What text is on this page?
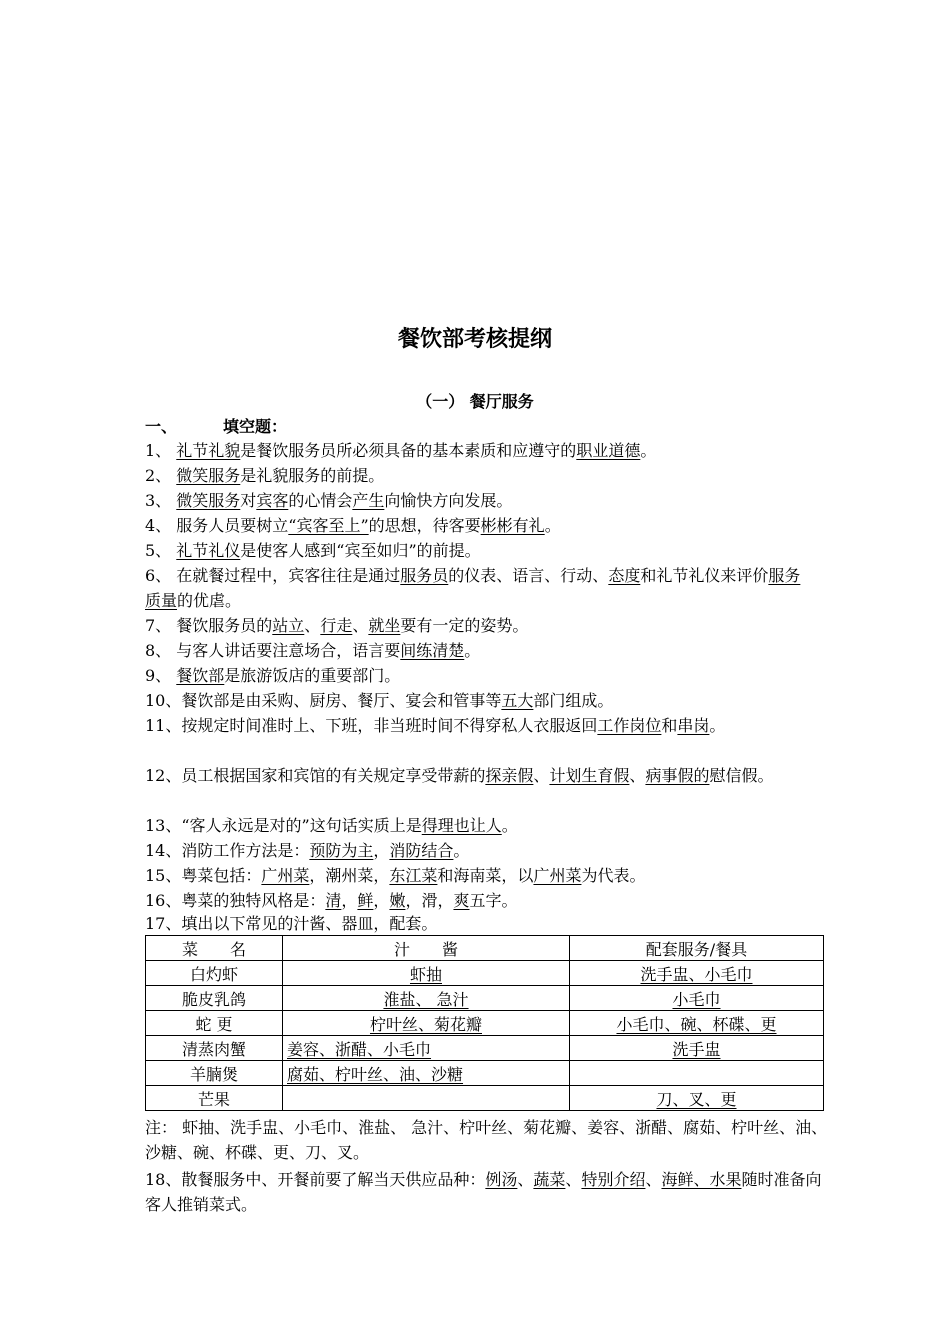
餐饮部考核提纲
（一） 餐厅服务
一、	填空题：
1、 礼节礼貌是餐饮服务员所必须具备的基本素质和应遵守的职业道德。
2、 微笑服务是礼貌服务的前提。
3、 微笑服务对宾客的心情会产生向愉快方向发展。
4、 服务人员要树立“宾客至上”的思想，待客要彬彬有礼。
5、 礼节礼仪是使客人感到“宾至如归”的前提。
6、 在就餐过程中，宾客往往是通过服务员的仪表、语言、行动、态度和礼节礼仪来评价服务质量的优虐。
7、 餐饮服务员的站立、行走、就坐要有一定的姿势。
8、 与客人讲话要注意场合，语言要间练清楚。
9、 餐饮部是旅游饭店的重要部门。
10、餐饮部是由采购、厨房、餐厅、宴会和管事等五大部门组成。
11、按规定时间准时上、下班，非当班时间不得穿私人衣服返回工作岗位和串岗。
12、员工根据国家和宾馆的有关规定享受带薪的探亲假、计划生育假、病事假的慰信假。
13、“客人永远是对的”这句话实质上是得理也让人。
14、消防工作方法是：预防为主，消防结合。
15、粤菜包括：广州菜，潮州菜，东江菜和海南菜，以广州菜为代表。
16、粤菜的独特风格是：清，鲜，嫩，滑，爽五字。
17、填出以下常见的汁酱、器皿，配套。
菜　　名	汁　　酱	配套服务/餐具
白灼虾	虾抽	洗手盅、小毛巾
脆皮乳鸽	淮盐、 急汁	小毛巾
蛇 更	柠叶丝、菊花瓣	小毛巾、碗、杯碟、更
清蒸肉蟹	姜容、浙醋、小毛巾	洗手盅
羊腩煲	腐茹、柠叶丝、油、沙糖	
芒果		刀、叉、更
注： 虾抽、洗手盅、小毛巾、淮盐、 急汁、柠叶丝、菊花瓣、姜容、浙醋、腐茹、柠叶丝、油、沙糖、碗、杯碟、更、刀、叉。
18、散餐服务中、开餐前要了解当天供应品种：例汤、蔬菜、特别介绍、海鲜、水果随时准备向客人推销菜式。
